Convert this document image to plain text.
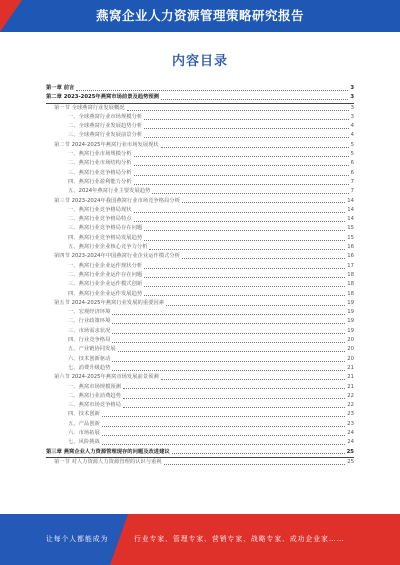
燕窝企业人力资源管理策略研究报告
内容目录
第一章 前言	3
第二章 2023-2025年燕窝市场前景及趋势预测	3
第一节 全球燕窝行业发展概况	3
一、全球燕窝行业市场规模分析	3
二、全球燕窝行业发展趋势分析	4
三、全球燕窝行业发展前景分析	4
第二节 2024-2025年燕窝行业市场发展现状	5
一、燕窝行业市场规模分析	5
二、燕窝行业市场结构分析	6
三、燕窝行业竞争格局分析	6
四、燕窝行业盈利能力分析	7
五、2024年燕窝行业主要发展趋势	7
第三节 2023-2024年我国燕窝行业市场竞争格局分析	14
一、燕窝行业竞争格局现状	14
二、燕窝行业竞争格局特点	14
三、燕窝行业竞争格局存在问题	15
四、燕窝行业竞争格局发展趋势	15
五、燕窝行业企业核心竞争力分析	16
第四节 2023-2024年中国燕窝行业企业运作模式分析	16
一、燕窝行业企业运作现状分析	17
二、燕窝行业企业运作存在问题	18
三、燕窝行业企业运作模式创新	18
四、燕窝行业企业运作发展趋势	18
第五节 2024-2025年燕窝行业发展的重要因素	19
一、宏观经济环境	19
二、行业政策环境	19
三、市场需求状况	19
四、行业竞争格局	20
五、产业链协同发展	20
六、技术创新驱动	20
七、消费升级趋势	21
第六节 2024-2025年燕窝市场发展前景预测	21
一、燕窝市场规模预测	21
二、燕窝行业消费趋势	22
三、燕窝市场竞争格局	22
四、技术创新	23
五、产品创新	23
六、市场拓展	24
七、风险挑战	24
第三章 燕窝企业人力资源管理现存的问题及改进建议	25
第一节 对人力资源人力资源管理的认识与重视	25
让每个人都能成为	行业专家、管理专家、营销专家、战略专家、成功企业家……
